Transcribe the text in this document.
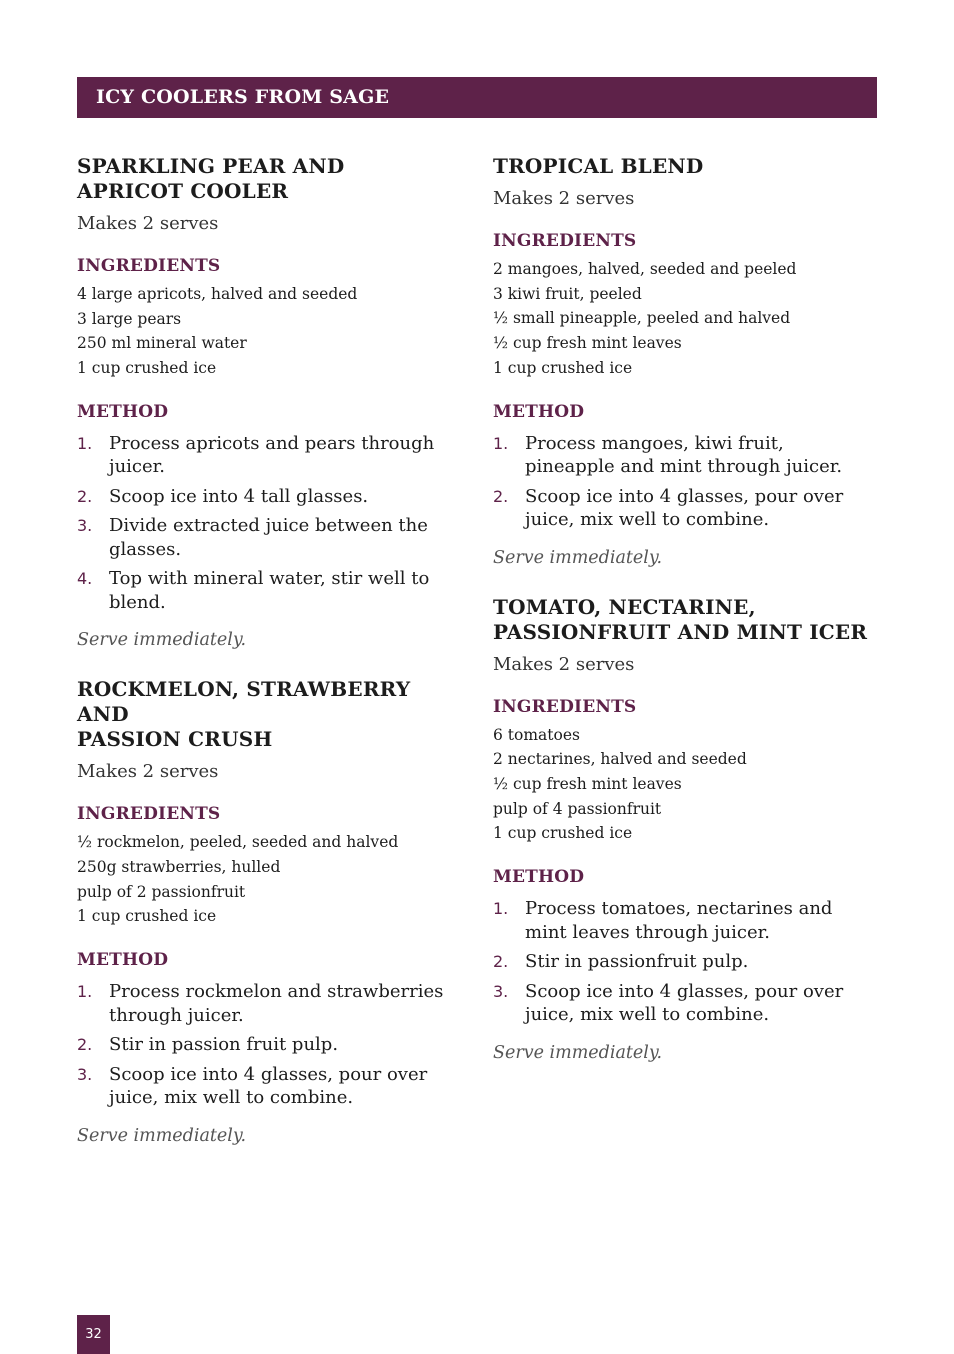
ICY COOLERS FROM SAGE
SPARKLING PEAR AND
APRICOT COOLER
Makes 2 serves
INGREDIENTS
4 large apricots, halved and seeded
3 large pears
250 ml mineral water
1 cup crushed ice
METHOD
1. Process apricots and pears through juicer.
2. Scoop ice into 4 tall glasses.
3. Divide extracted juice between the glasses.
4. Top with mineral water, stir well to blend.
Serve immediately.
ROCKMELON, STRAWBERRY AND
PASSION CRUSH
Makes 2 serves
INGREDIENTS
½ rockmelon, peeled, seeded and halved
250g strawberries, hulled
pulp of 2 passionfruit
1 cup crushed ice
METHOD
1. Process rockmelon and strawberries through juicer.
2. Stir in passion fruit pulp.
3. Scoop ice into 4 glasses, pour over juice, mix well to combine.
Serve immediately.
TROPICAL BLEND
Makes 2 serves
INGREDIENTS
2 mangoes, halved, seeded and peeled
3 kiwi fruit, peeled
½ small pineapple, peeled and halved
½ cup fresh mint leaves
1 cup crushed ice
METHOD
1. Process mangoes, kiwi fruit, pineapple and mint through juicer.
2. Scoop ice into 4 glasses, pour over juice, mix well to combine.
Serve immediately.
TOMATO, NECTARINE,
PASSIONFRUIT AND MINT ICER
Makes 2 serves
INGREDIENTS
6 tomatoes
2 nectarines, halved and seeded
½ cup fresh mint leaves
pulp of 4 passionfruit
1 cup crushed ice
METHOD
1. Process tomatoes, nectarines and mint leaves through juicer.
2. Stir in passionfruit pulp.
3. Scoop ice into 4 glasses, pour over juice, mix well to combine.
Serve immediately.
32
